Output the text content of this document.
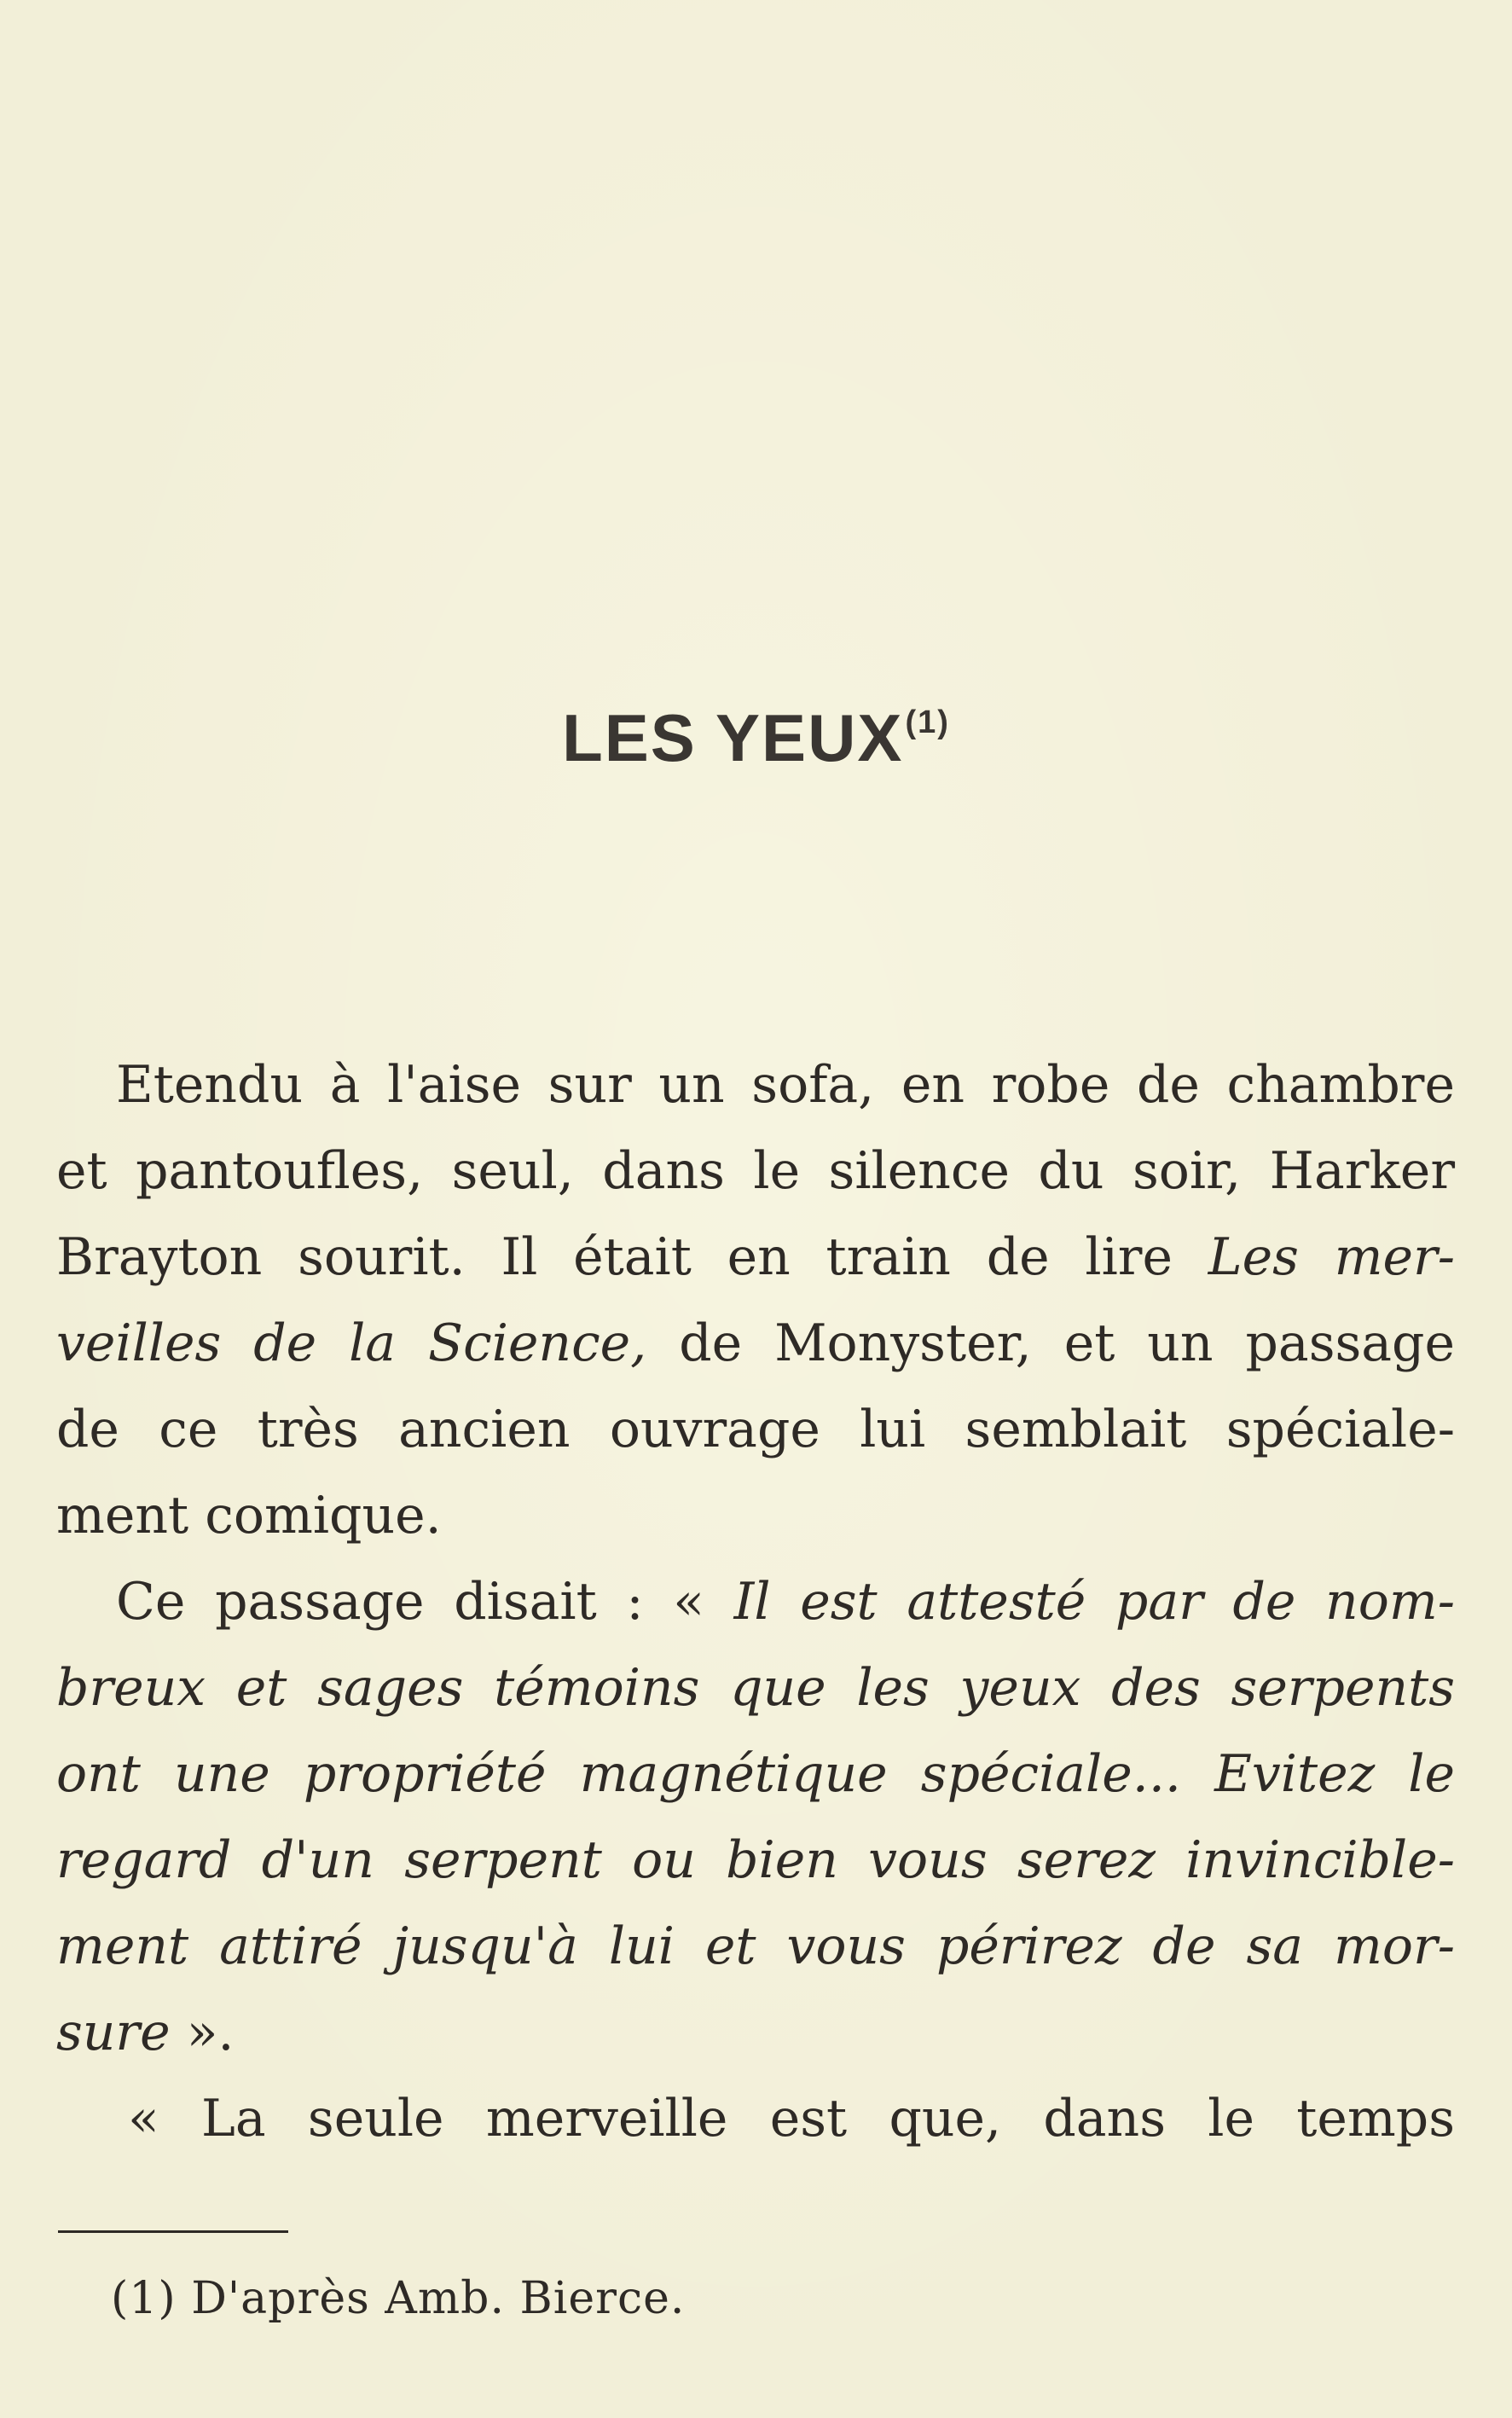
LES YEUX$^{(1)}$
Etendu à l'aise sur un sofa, en robe de chambre
et pantoufles, seul, dans le silence du soir, Harker
Brayton sourit. Il était en train de lire Les mer-
veilles de la Science, de Monyster, et un passage
de ce très ancien ouvrage lui semblait spéciale-
ment comique.
Ce passage disait : « Il est attesté par de nom-
breux et sages témoins que les yeux des serpents
ont une propriété magnétique spéciale... Evitez le
regard d'un serpent ou bien vous serez invincible-
ment attiré jusqu'à lui et vous périrez de sa mor-
sure ».
« La seule merveille est que, dans le temps
(1) D'après Amb. Bierce.
